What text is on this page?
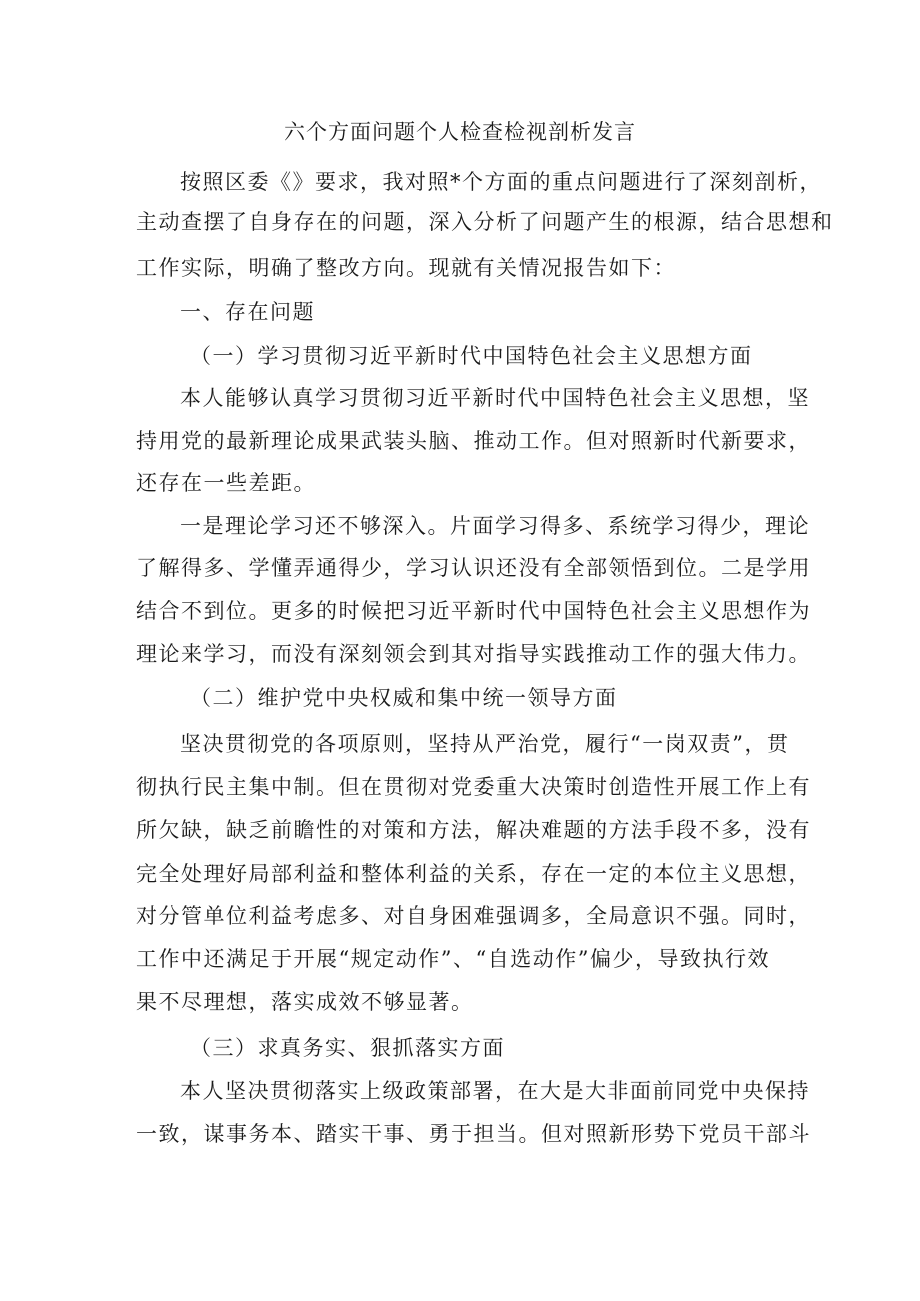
六个方面问题个人检查检视剖析发言

按照区委《》要求，我对照*个方面的重点问题进行了深刻剖析，

主动查摆了自身存在的问题，深入分析了问题产生的根源，结合思想和

工作实际，明确了整改方向。现就有关情况报告如下：

一、存在问题

（一）学习贯彻习近平新时代中国特色社会主义思想方面

本人能够认真学习贯彻习近平新时代中国特色社会主义思想，坚

持用党的最新理论成果武装头脑、推动工作。但对照新时代新要求，

还存在一些差距。

一是理论学习还不够深入。片面学习得多、系统学习得少，理论

了解得多、学懂弄通得少，学习认识还没有全部领悟到位。二是学用

结合不到位。更多的时候把习近平新时代中国特色社会主义思想作为

理论来学习，而没有深刻领会到其对指导实践推动工作的强大伟力。

（二）维护党中央权威和集中统一领导方面

坚决贯彻党的各项原则，坚持从严治党，履行“一岗双责”，贯

彻执行民主集中制。但在贯彻对党委重大决策时创造性开展工作上有

所欠缺，缺乏前瞻性的对策和方法，解决难题的方法手段不多，没有

完全处理好局部利益和整体利益的关系，存在一定的本位主义思想，

对分管单位利益考虑多、对自身困难强调多，全局意识不强。同时，

工作中还满足于开展“规定动作”、“自选动作”偏少，导致执行效

果不尽理想，落实成效不够显著。

（三）求真务实、狠抓落实方面

本人坚决贯彻落实上级政策部署，在大是大非面前同党中央保持

一致，谋事务本、踏实干事、勇于担当。但对照新形势下党员干部斗
